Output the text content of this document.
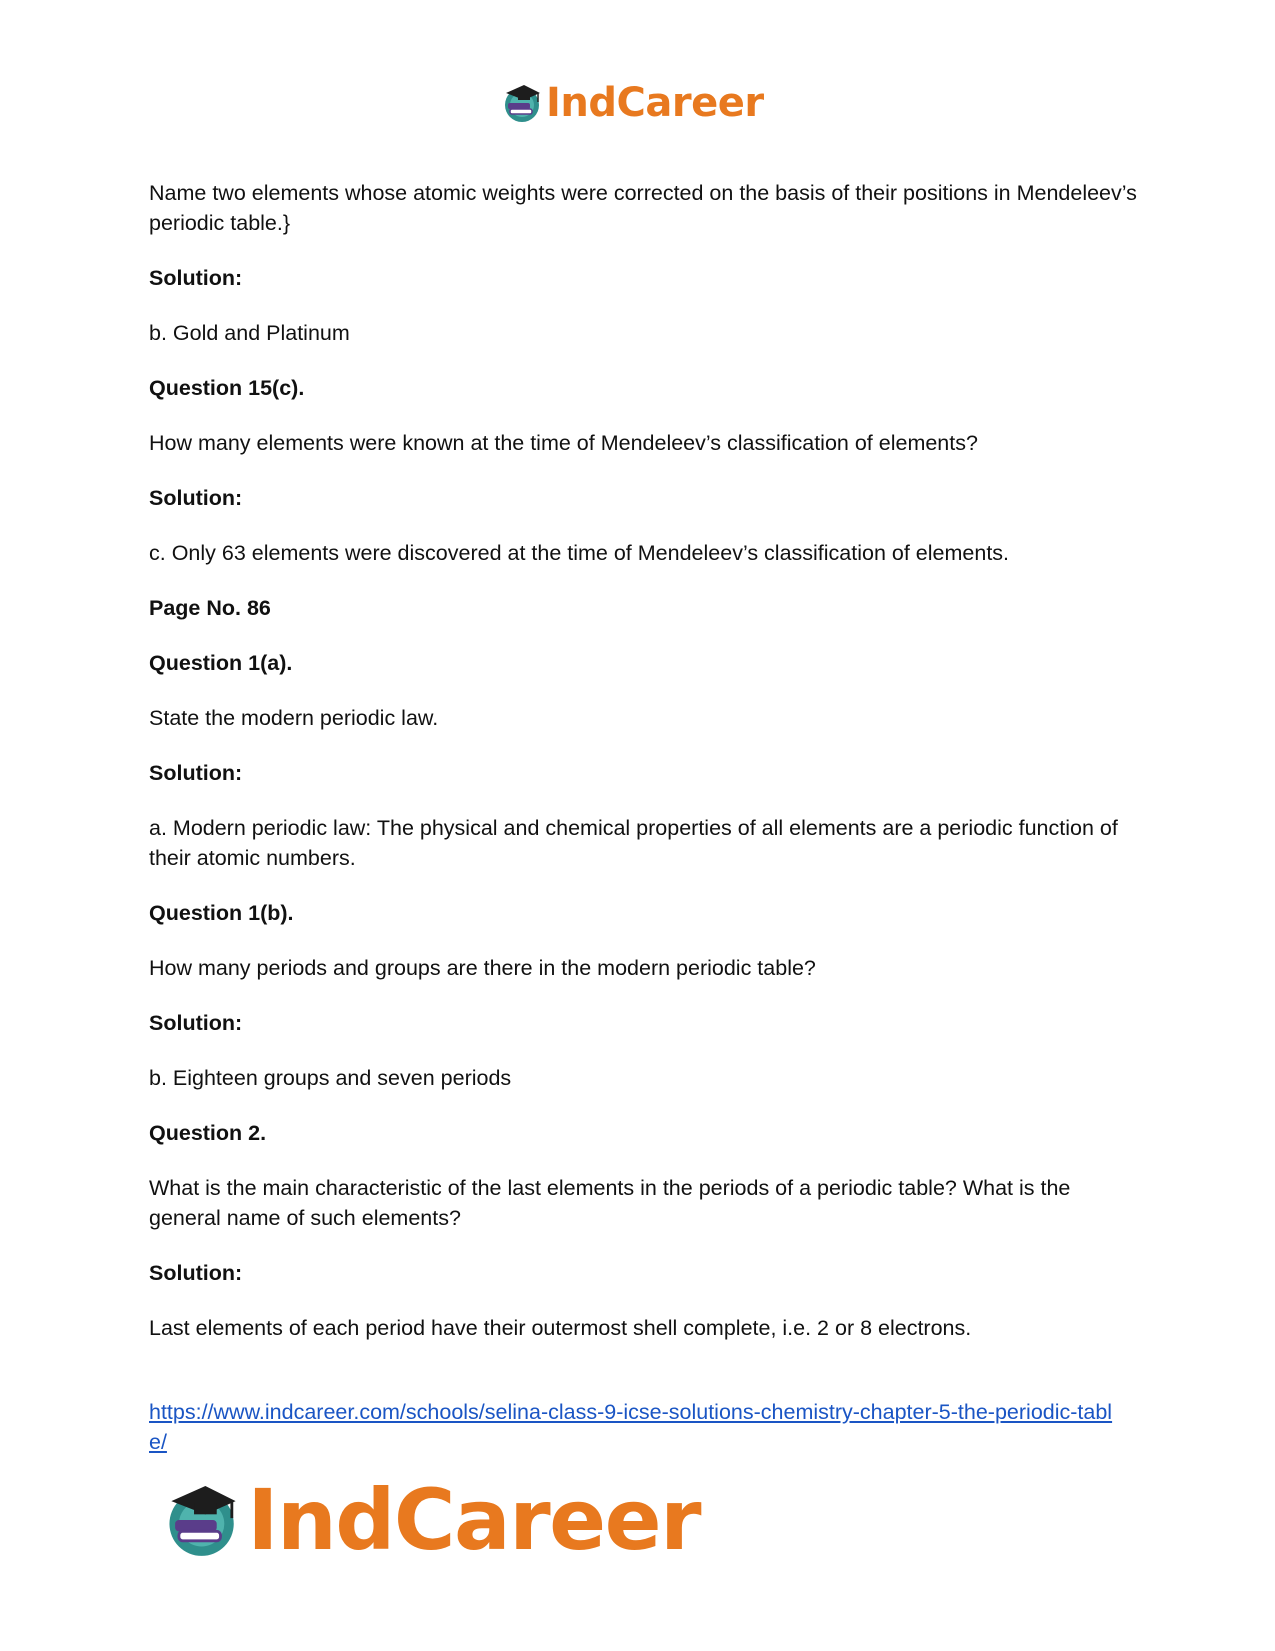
IndCareer

Name two elements whose atomic weights were corrected on the basis of their positions in Mendeleev’s periodic table.}

Solution:

b. Gold and Platinum

Question 15(c).

How many elements were known at the time of Mendeleev’s classification of elements?

Solution:

c. Only 63 elements were discovered at the time of Mendeleev’s classification of elements.

Page No. 86

Question 1(a).

State the modern periodic law.

Solution:

a. Modern periodic law: The physical and chemical properties of all elements are a periodic function of their atomic numbers.

Question 1(b).

How many periods and groups are there in the modern periodic table?

Solution:

b. Eighteen groups and seven periods

Question 2.

What is the main characteristic of the last elements in the periods of a periodic table? What is the general name of such elements?

Solution:

Last elements of each period have their outermost shell complete, i.e. 2 or 8 electrons.

https://www.indcareer.com/schools/selina-class-9-icse-solutions-chemistry-chapter-5-the-periodic-table/
IndCareer
